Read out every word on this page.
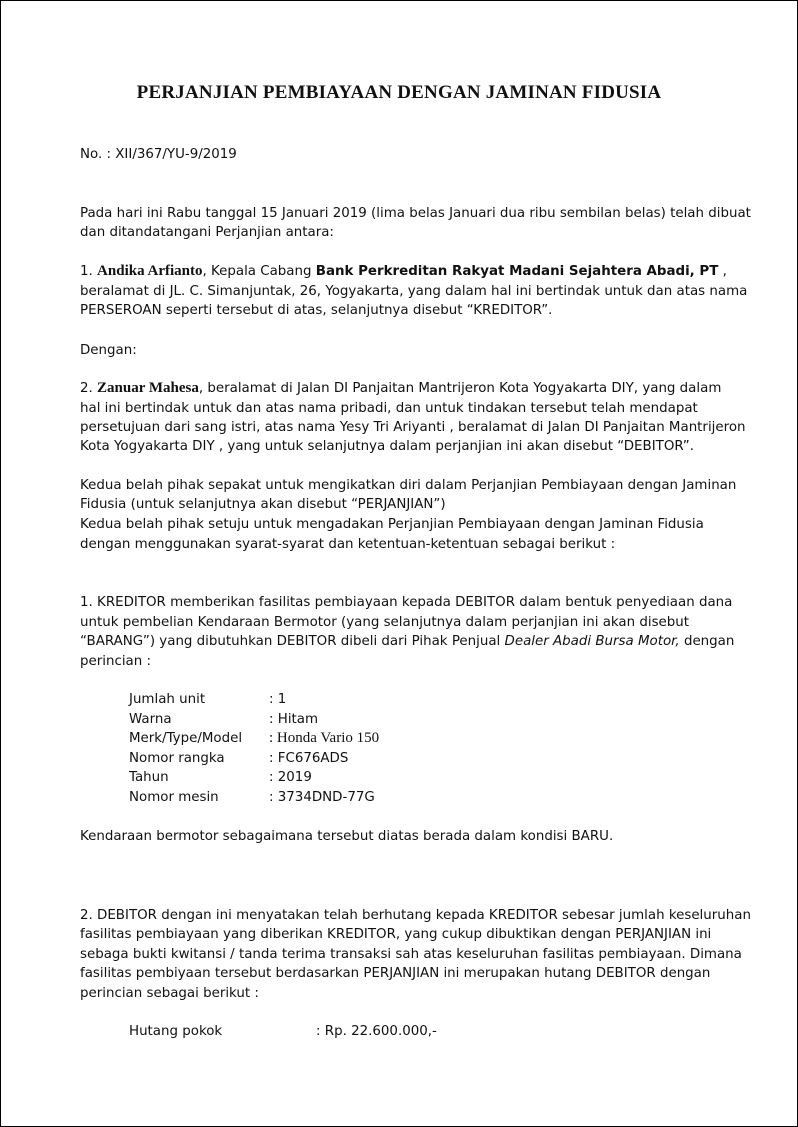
PERJANJIAN PEMBIAYAAN DENGAN JAMINAN FIDUSIA
No. : XII/367/YU-9/2019
Pada hari ini Rabu tanggal 15 Januari 2019 (lima belas Januari dua ribu sembilan belas) telah dibuat
dan ditandatangani Perjanjian antara:
1. Andika Arfianto, Kepala Cabang Bank Perkreditan Rakyat Madani Sejahtera Abadi, PT ,
beralamat di JL. C. Simanjuntak, 26, Yogyakarta, yang dalam hal ini bertindak untuk dan atas nama
PERSEROAN seperti tersebut di atas, selanjutnya disebut “KREDITOR”.
Dengan:
2. Zanuar Mahesa, beralamat di Jalan DI Panjaitan Mantrijeron Kota Yogyakarta DIY, yang dalam
hal ini bertindak untuk dan atas nama pribadi, dan untuk tindakan tersebut telah mendapat
persetujuan dari sang istri, atas nama Yesy Tri Ariyanti , beralamat di Jalan DI Panjaitan Mantrijeron
Kota Yogyakarta DIY , yang untuk selanjutnya dalam perjanjian ini akan disebut “DEBITOR”.
Kedua belah pihak sepakat untuk mengikatkan diri dalam Perjanjian Pembiayaan dengan Jaminan
Fidusia (untuk selanjutnya akan disebut “PERJANJIAN”)
Kedua belah pihak setuju untuk mengadakan Perjanjian Pembiayaan dengan Jaminan Fidusia
dengan menggunakan syarat-syarat dan ketentuan-ketentuan sebagai berikut :
1. KREDITOR memberikan fasilitas pembiayaan kepada DEBITOR dalam bentuk penyediaan dana
untuk pembelian Kendaraan Bermotor (yang selanjutnya dalam perjanjian ini akan disebut
“BARANG”) yang dibutuhkan DEBITOR dibeli dari Pihak Penjual Dealer Abadi Bursa Motor, dengan
perincian :
Jumlah unit	: 1
Warna	: Hitam
Merk/Type/Model : Honda Vario 150
Nomor rangka	: FC676ADS
Tahun	: 2019
Nomor mesin	: 3734DND-77G
Kendaraan bermotor sebagaimana tersebut diatas berada dalam kondisi BARU.
2. DEBITOR dengan ini menyatakan telah berhutang kepada KREDITOR sebesar jumlah keseluruhan
fasilitas pembiayaan yang diberikan KREDITOR, yang cukup dibuktikan dengan PERJANJIAN ini
sebaga bukti kwitansi / tanda terima transaksi sah atas keseluruhan fasilitas pembiayaan. Dimana
fasilitas pembiyaan tersebut berdasarkan PERJANJIAN ini merupakan hutang DEBITOR dengan
perincian sebagai berikut :
Hutang pokok	: Rp. 22.600.000,-
